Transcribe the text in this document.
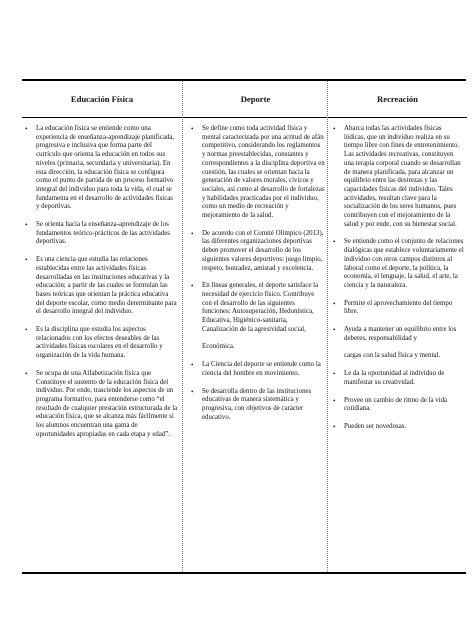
Educación Física
• La educación física se entiende como una experiencia de enseñanza-aprendizaje planificada, progresiva e inclusiva que forma parte del currículo que orienta la educación en todos sus niveles (primaria, secundaria y universitaria). En esta dirección, la educación física se configura como el punto de partida de un proceso formativo integral del individuo para toda la vida, el cual se fundamenta en el desarrollo de actividades físicas y deportivas.
• Se orienta hacia la enseñanza-aprendizaje de los fundamentos teórico-prácticos de las actividades deportivas.
• Es una ciencia que estudia las relaciones establecidas entre las actividades físicas desarrolladas en las instituciones educativas y la educación; a partir de las cuales se formulan las bases teóricas que orientan la práctica educativa del deporte escolar, como medio determinante para el desarrollo integral del individuo.
• Es la disciplina que estudia los aspectos relacionados con los efectos deseables de las actividades físicas escolares en el desarrollo y organización de la vida humana.
• Se ocupa de una Alfabetización física que Constituye el sustento de la educación física del individuo. Por ende, trasciende los aspectos de un programa formativo, para entenderse como “el resultado de cualquier prestación estructurada de la educación física, que se alcanza más fácilmente si los alumnos encuentran una gama de oportunidades apropiadas en cada etapa y edad”.
Deporte
• Se define como toda actividad física y mental caracterizada por una actitud de afán competitivo, considerando los reglamentos y normas preestablecidas, constantes y correspondientes a la disciplina deportiva en cuestión, las cuales se orientan hacia la generación de valores morales, cívicos y sociales, así como al desarrollo de fortalezas y habilidades practicadas por el individuo, como un medio de recreación y mejoramiento de la salud.
• De acuerdo con el Comité Olímpico (2013), las diferentes organizaciones deportivas deben promover el desarrollo de los siguientes valores deportivos: juego limpio, respeto, honradez, amistad y excelencia.
• En líneas generales, el deporte satisface la necesidad de ejercicio físico. Contribuye con el desarrollo de las siguientes funciones: Autosuperación, Hedonística, Educativa, Higiénico-sanitaria, Canalización de la agresividad social,
Económica.
• La Ciencia del deporte se entiende como la ciencia del hombre en movimiento.
• Se desarrolla dentro de las instituciones educativas de manera sistemática y progresiva, con objetivos de carácter educativo.
Recreación
• Abarca todas las actividades físicas lúdicas, que un individuo realiza en su tiempo libre con fines de entretenimiento. Las actividades recreativas, constituyen una terapia corporal cuando se desarrollan de manera planificada, para alcanzar un equilibrio entre las destrezas y las capacidades físicas del individuo. Tales actividades, resultan clave para la socialización de los seres humanos, pues contribuyen con el mejoramiento de la salud y por ende, con su bienestar social.
• Se entiende como el conjunto de relaciones dialógicas que establece voluntariamente el individuo con otros campos distintos al laboral como el deporte, la política, la economía, el lenguaje, la salud, el arte, la ciencia y la naturaleza.
• Permite el aprovechamiento del tiempo libre.
• Ayuda a mantener un equilibrio entre los deberes, responsabilidad y
cargas con la salud física y mental.
• Le da la oportunidad al individuo de manifestar su creatividad.
• Provee un cambio de ritmo de la vida cotidiana.
• Pueden ser novedosas.
